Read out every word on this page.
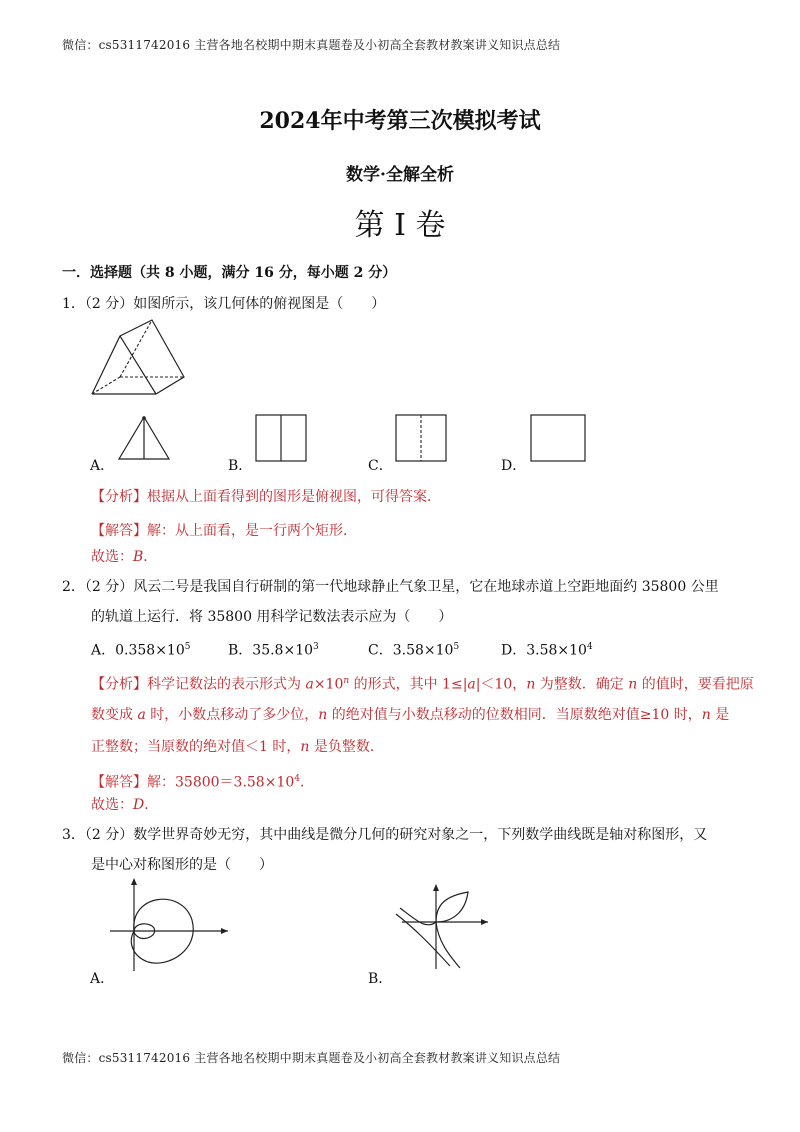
微信：cs5311742016 主营各地名校期中期末真题卷及小初高全套教材教案讲义知识点总结
微信：cs5311742016 主营各地名校期中期末真题卷及小初高全套教材教案讲义知识点总结
2024年中考第三次模拟考试
数学·全解全析
第 I 卷
一．选择题（共 8 小题，满分 16 分，每小题 2 分）
1．（2 分）如图所示，该几何体的俯视图是（　　）
A．	B．	C．	D．
【分析】根据从上面看得到的图形是俯视图，可得答案．
【解答】解：从上面看，是一行两个矩形．
故选：B．
2．（2 分）风云二号是我国自行研制的第一代地球静止气象卫星，它在地球赤道上空距地面约 35800 公里
的轨道上运行．将 35800 用科学记数法表示应为（　　）
A．$0.358\times 10^5$	B．$35.8\times 10^3$	C．$3.58\times 10^5$	D．$3.58\times 10^4$
【分析】科学记数法的表示形式为 $a\times 10^n$ 的形式，其中 1≤|a|＜10，n 为整数．确定 n 的值时，要看把原
数变成 a 时，小数点移动了多少位，n 的绝对值与小数点移动的位数相同．当原数绝对值≥10 时，n 是
正整数；当原数的绝对值＜1 时，n 是负整数．
【解答】解：$35800=3.58\times 10^4$．
故选：D．
3．（2 分）数学世界奇妙无穷，其中曲线是微分几何的研究对象之一，下列数学曲线既是轴对称图形，又
是中心对称图形的是（　　）
A．	B．
